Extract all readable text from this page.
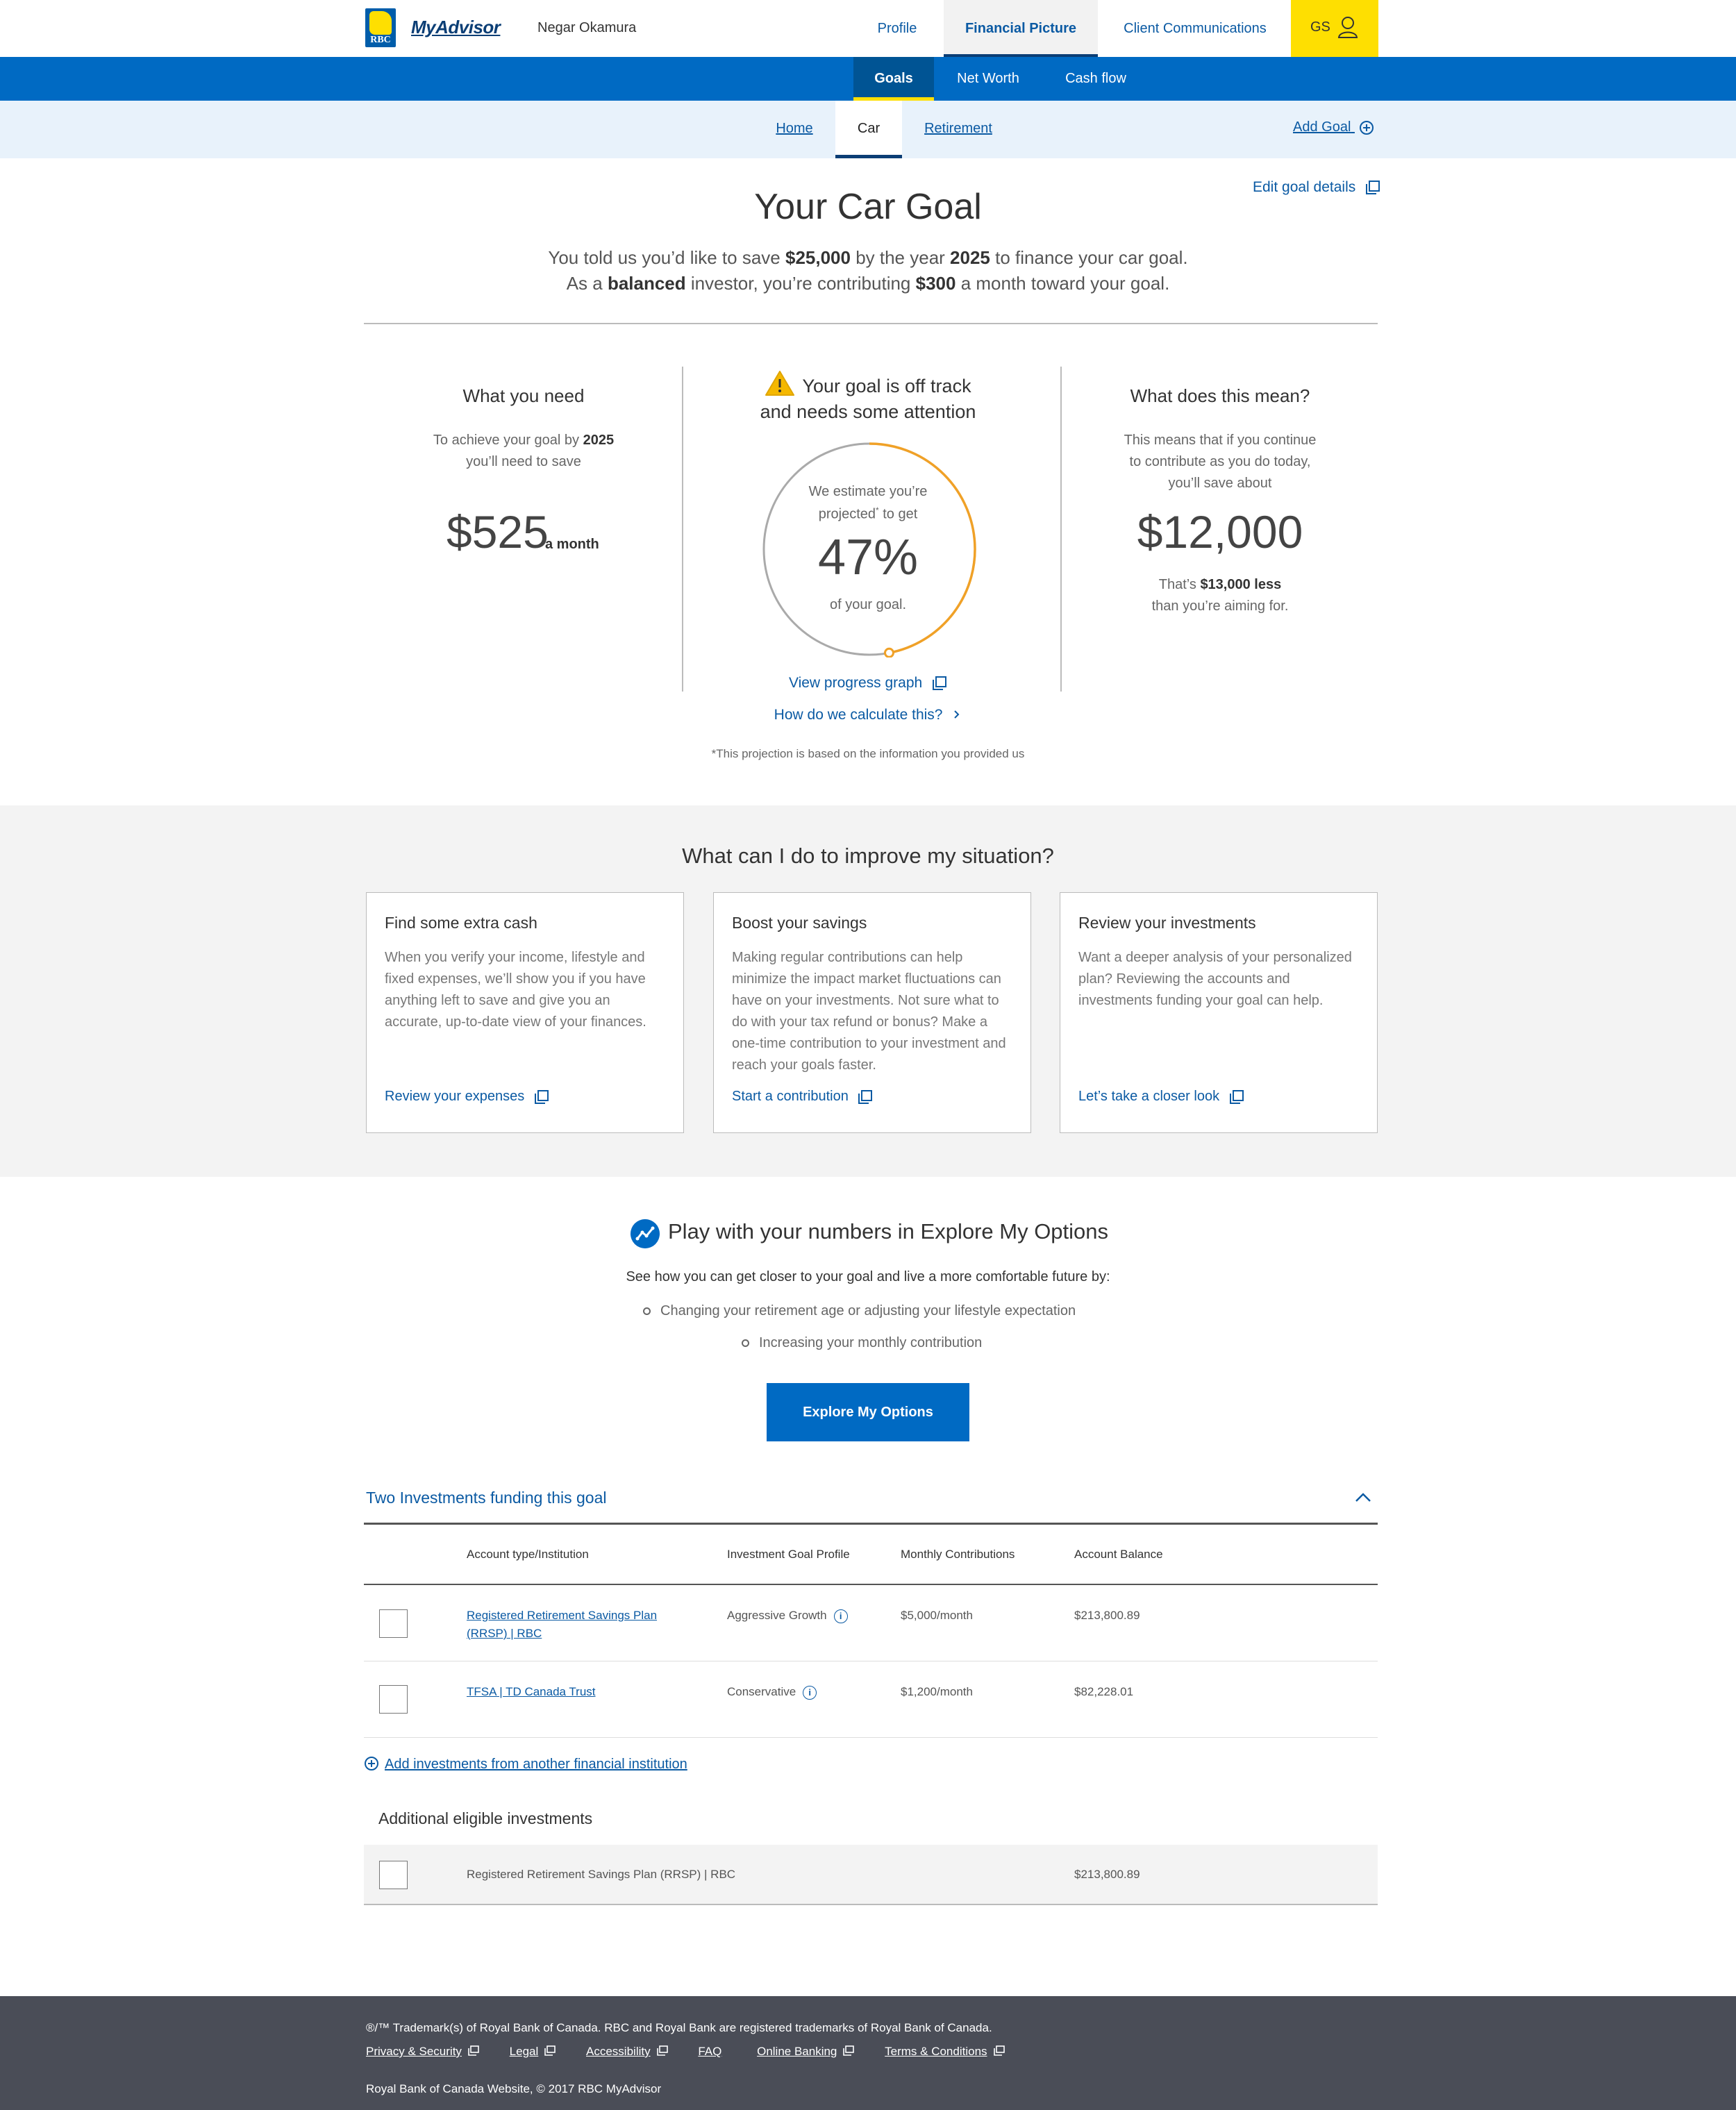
RBC
MyAdvisor	Negar Okamura	Profile	Financial Picture	Client Communications	GS
Goals	Net Worth	Cash flow
Home	Car	Retirement	Add Goal
Edit goal details
Your Car Goal
You told us you’d like to save $25,000 by the year 2025 to finance your car goal.
As a balanced investor, you’re contributing $300 a month toward your goal.
What you need
To achieve your goal by 2025
you’ll need to save
$525
a month
Your goal is off track
and needs some attention
We estimate you’re
projected* to get
47%
of your goal.
View progress graph
How do we calculate this?
*This projection is based on the information you provided us
What does this mean?
This means that if you continue
to contribute as you do today,
you’ll save about
$12,000
That’s $13,000 less
than you’re aiming for.
What can I do to improve my situation?
Find some extra cash
When you verify your income, lifestyle and fixed expenses, we’ll show you if you have anything left to save and give you an accurate, up-to-date view of your finances.
Review your expenses
Boost your savings
Making regular contributions can help minimize the impact market fluctuations can have on your investments. Not sure what to do with your tax refund or bonus? Make a one-time contribution to your investment and reach your goals faster.
Start a contribution
Review your investments
Want a deeper analysis of your personalized plan? Reviewing the accounts and investments funding your goal can help.
Let’s take a closer look
Play with your numbers in Explore My Options
See how you can get closer to your goal and live a more comfortable future by:
Changing your retirement age or adjusting your lifestyle expectation
Increasing your monthly contribution
Explore My Options
Two Investments funding this goal
Account type/Institution	Investment Goal Profile	Monthly Contributions	Account Balance
Registered Retirement Savings Plan
(RRSP) | RBC
Aggressive Growth i	$5,000/month	$213,800.89
TFSA | TD Canada Trust	Conservative i	$1,200/month	$82,228.01
Add investments from another financial institution
Additional eligible investments
Registered Retirement Savings Plan (RRSP) | RBC	$213,800.89
®/™ Trademark(s) of Royal Bank of Canada. RBC and Royal Bank are registered trademarks of Royal Bank of Canada.
Privacy & Security	Legal	Accessibility	FAQ	Online Banking	Terms & Conditions
Royal Bank of Canada Website, © 2017 RBC MyAdvisor
